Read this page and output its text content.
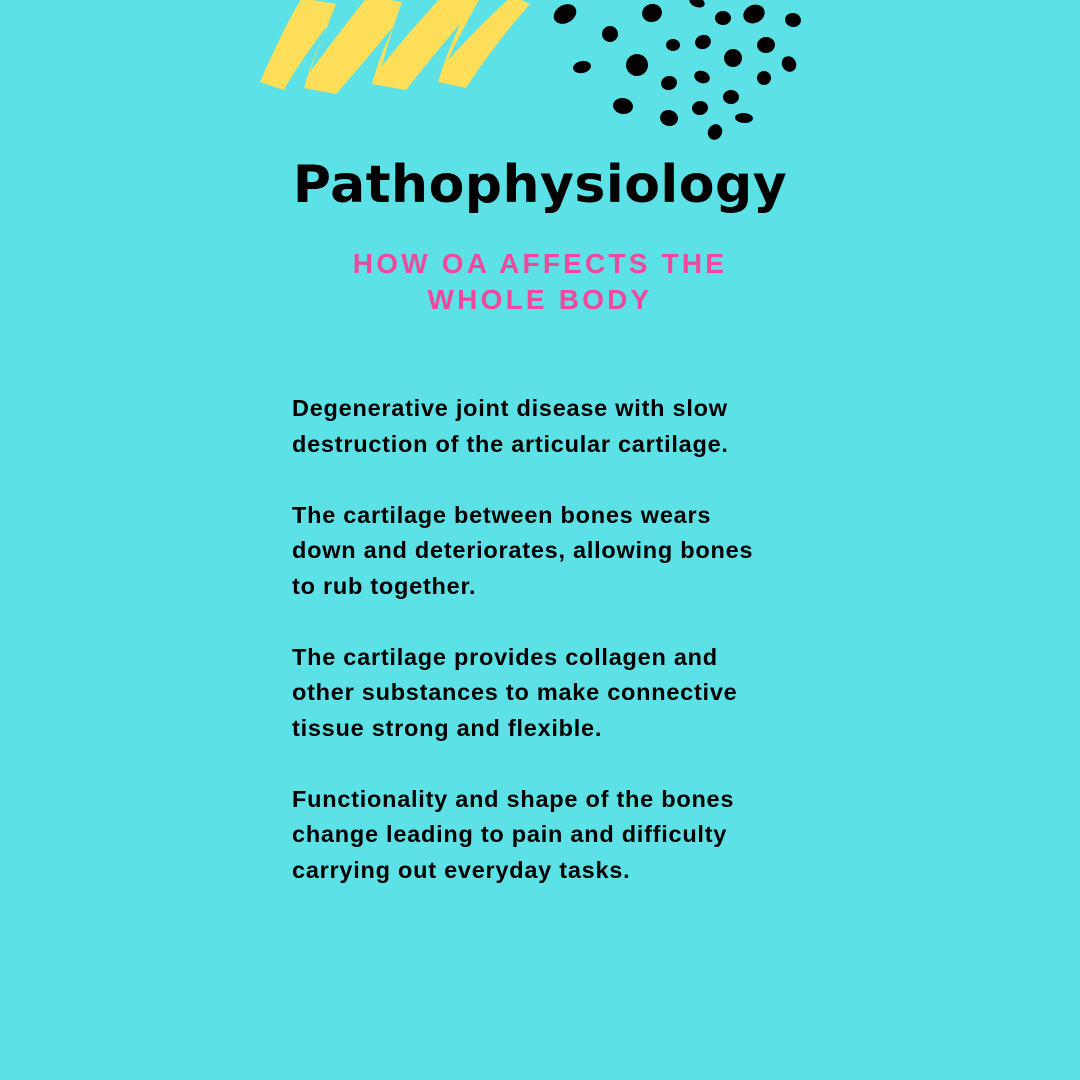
Pathophysiology
HOW OA AFFECTS THE
WHOLE BODY
Degenerative joint disease with slow
destruction of the articular cartilage.
The cartilage between bones wears
down and deteriorates, allowing bones
to rub together.
The cartilage provides collagen and
other substances to make connective
tissue strong and flexible.
Functionality and shape of the bones
change leading to pain and difficulty
carrying out everyday tasks.
